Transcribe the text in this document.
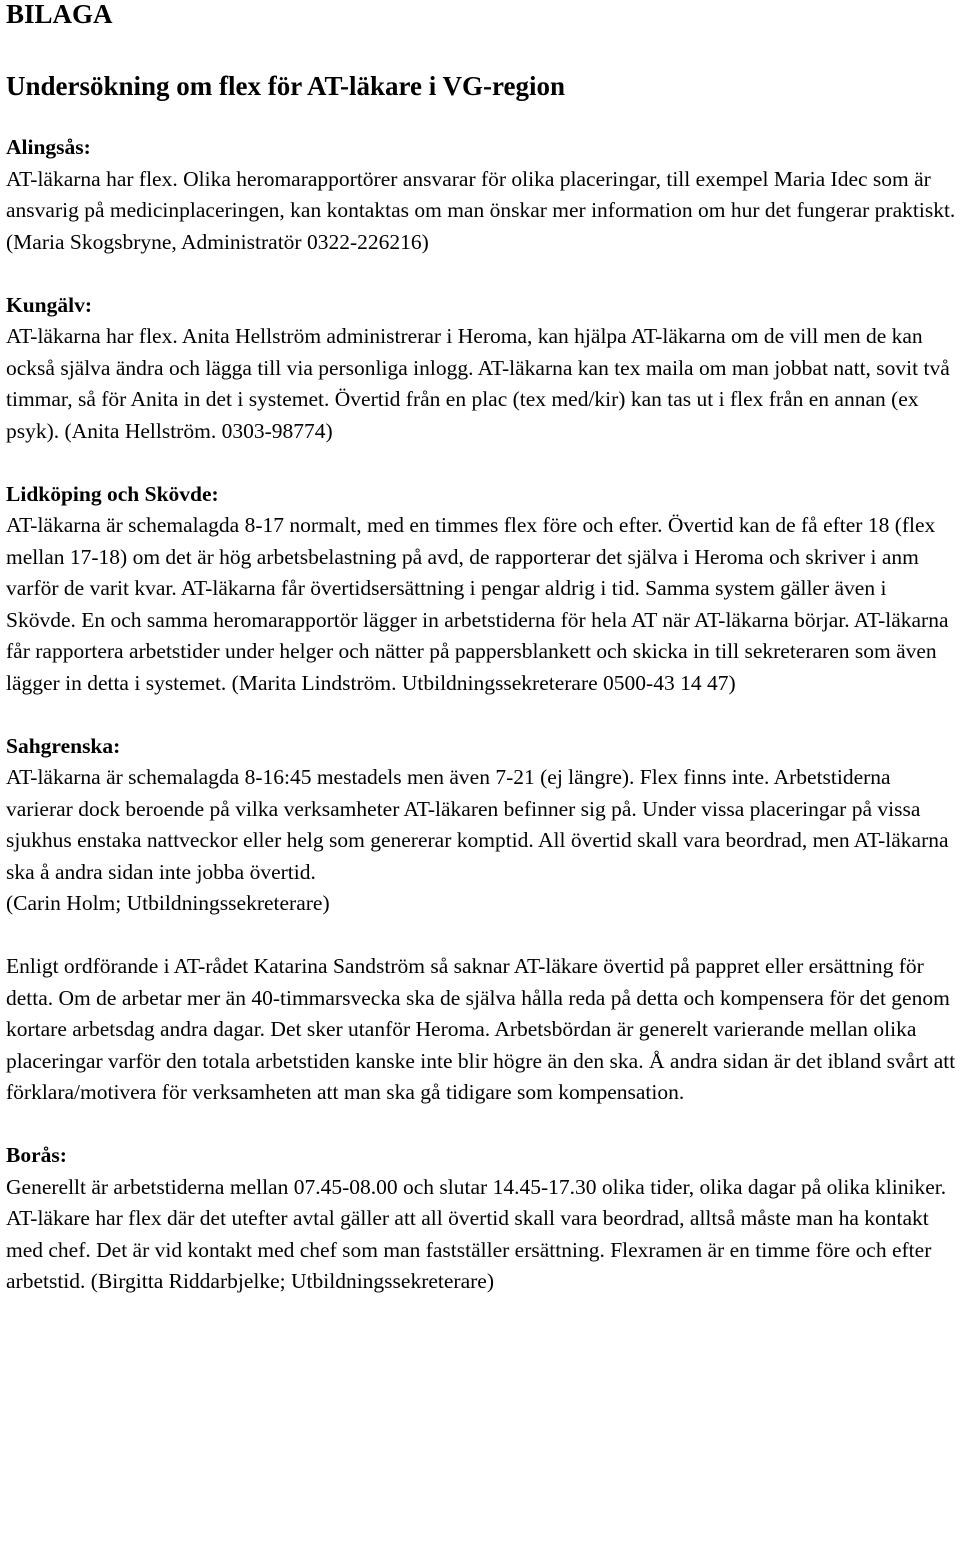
BILAGA
Undersökning om flex för AT-läkare i VG-region
Alingsås:

AT-läkarna har flex. Olika heromarapportörer ansvarar för olika placeringar, till exempel Maria Idec som är ansvarig på medicinplaceringen, kan kontaktas om man önskar mer information om hur det fungerar praktiskt.

(Maria Skogsbryne, Administratör 0322-226216)

Kungälv:

AT-läkarna har flex. Anita Hellström administrerar i Heroma, kan hjälpa AT-läkarna om de vill men de kan också själva ändra och lägga till via personliga inlogg. AT-läkarna kan tex maila om man jobbat natt, sovit två timmar, så för Anita in det i systemet. Övertid från en plac (tex med/kir) kan tas ut i flex från en annan (ex psyk). (Anita Hellström. 0303-98774)

Lidköping och Skövde:

AT-läkarna är schemalagda 8-17 normalt, med en timmes flex före och efter. Övertid kan de få efter 18 (flex mellan 17-18) om det är hög arbetsbelastning på avd, de rapporterar det själva i Heroma och skriver i anm varför de varit kvar. AT-läkarna får övertidsersättning i pengar aldrig i tid. Samma system gäller även i Skövde. En och samma heromarapportör lägger in arbetstiderna för hela AT när AT-läkarna börjar. AT-läkarna får rapportera arbetstider under helger och nätter på pappersblankett och skicka in till sekreteraren som även lägger in detta i systemet. (Marita Lindström. Utbildningssekreterare 0500-43 14 47)

Sahgrenska:

AT-läkarna är schemalagda 8-16:45 mestadels men även 7-21 (ej längre). Flex finns inte. Arbetstiderna varierar dock beroende på vilka verksamheter AT-läkaren befinner sig på. Under vissa placeringar på vissa sjukhus enstaka nattveckor eller helg som genererar komptid. All övertid skall vara beordrad, men AT-läkarna ska å andra sidan inte jobba övertid.

(Carin Holm; Utbildningssekreterare)

Enligt ordförande i AT-rådet Katarina Sandström så saknar AT-läkare övertid på pappret eller ersättning för detta. Om de arbetar mer än 40-timmarsvecka ska de själva hålla reda på detta och kompensera för det genom kortare arbetsdag andra dagar. Det sker utanför Heroma. Arbetsbördan är generelt varierande mellan olika placeringar varför den totala arbetstiden kanske inte blir högre än den ska. Å andra sidan är det ibland svårt att förklara/motivera för verksamheten att man ska gå tidigare som kompensation.

Borås:

Generellt är arbetstiderna mellan 07.45-08.00 och slutar 14.45-17.30 olika tider, olika dagar på olika kliniker. AT-läkare har flex där det utefter avtal gäller att all övertid skall vara beordrad, alltså måste man ha kontakt med chef. Det är vid kontakt med chef som man fastställer ersättning. Flexramen är en timme före och efter arbetstid. (Birgitta Riddarbjelke; Utbildningssekreterare)
